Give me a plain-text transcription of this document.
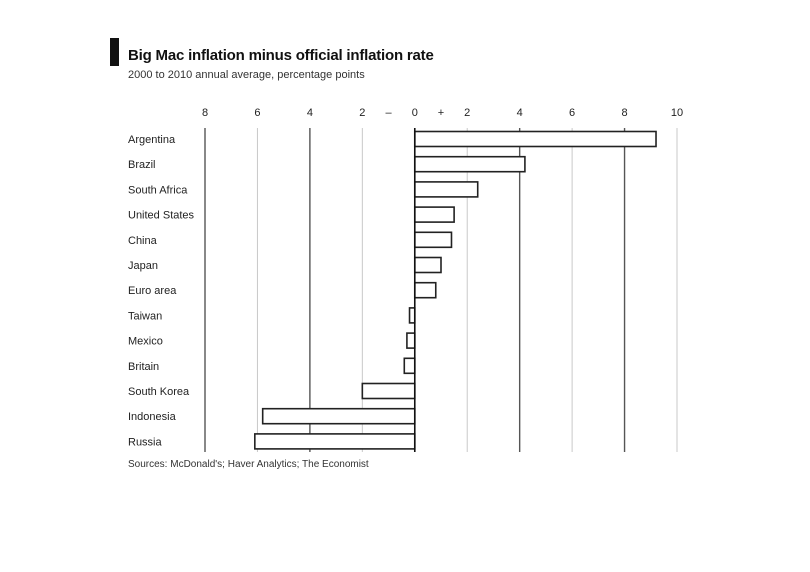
Big Mac inflation minus official inflation rate
2000 to 2010 annual average, percentage points
8	6	4	2	0	2	4	6	8	10
–	+
Argentina
Brazil
South Africa
United States
China
Japan
Euro area
Taiwan
Mexico
Britain
South Korea
Indonesia
Russia
Sources: McDonald's; Haver Analytics; The Economist
